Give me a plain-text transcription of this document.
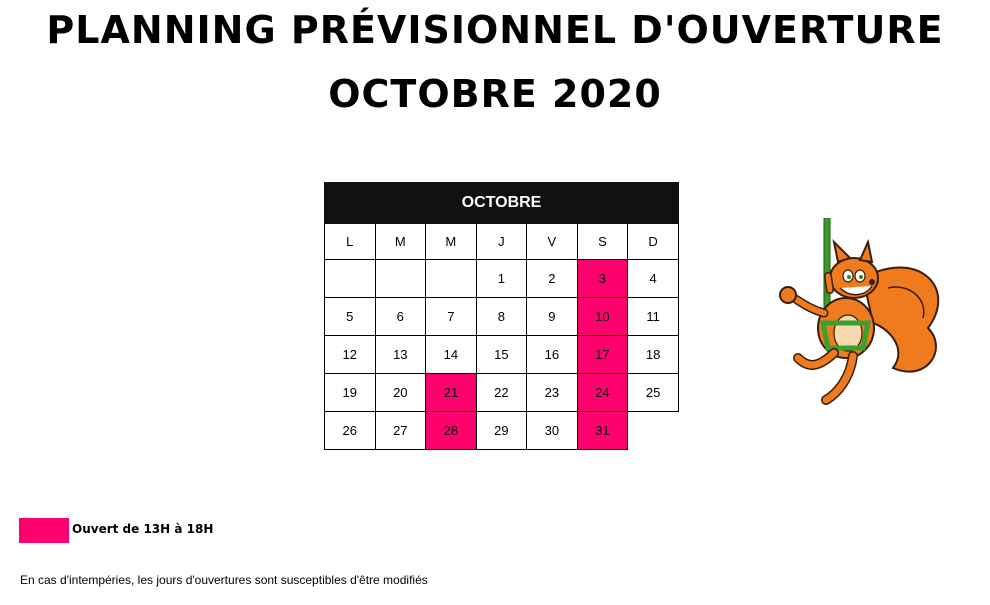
PLANNING PRÉVISIONNEL D'OUVERTURE
OCTOBRE 2020
OCTOBRE						
L	M	M	J	V	S	D
			1	2	3	4
5	6	7	8	9	10	11
12	13	14	15	16	17	18
19	20	21	22	23	24	25
26	27	28	29	30	31	
Ouvert de 13H à 18H
En cas d'intempéries, les jours d'ouvertures sont susceptibles d'être modifiés
